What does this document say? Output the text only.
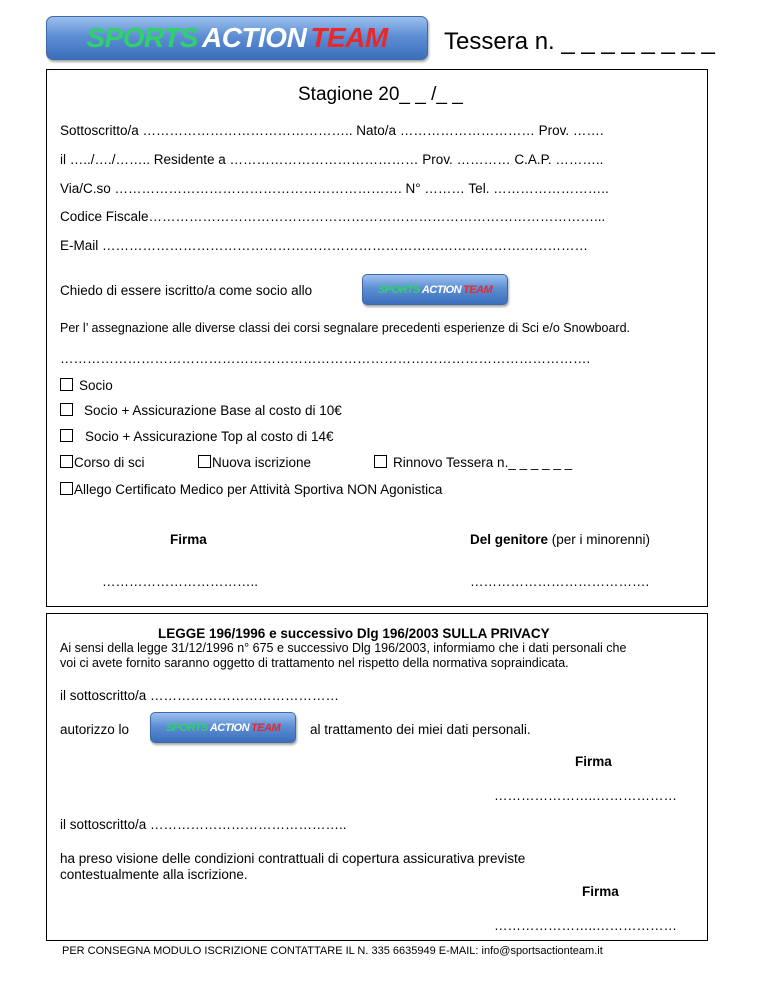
SPORTS ACTION TEAM Tessera n. _ _ _ _ _ _ _ _
Stagione 20_ _ /_ _
Sottoscritto/a ……………………………………….. Nato/a ………………………… Prov. …….
il …../…./…….. Residente a …………………………………… Prov. ………… C.A.P. ………..
Via/C.so ………………………………………………………. N° ……… Tel. ……………………..
Codice Fiscale………………………………………………………………………………………...
E-Mail ………………………………………………………………………………………………
Chiedo di essere iscritto/a come socio allo	SPORTS ACTION TEAM
Per l’ assegnazione alle diverse classi dei corsi segnalare precedenti esperienze di Sci e/o Snowboard.
……………………………………………………………………………………………………….
Socio
Socio + Assicurazione Base al costo di 10€
Socio + Assicurazione Top al costo di 14€
Corso di sci	Nuova iscrizione	Rinnovo Tessera n._ _ _ _ _ _
Allego Certificato Medico per Attività Sportiva NON Agonistica
Firma	Del genitore (per i minorenni)
……………………………..	………………………………….
LEGGE 196/1996 e successivo Dlg 196/2003 SULLA PRIVACY
Ai sensi della legge 31/12/1996 n° 675 e successivo Dlg 196/2003, informiamo che i dati personali che
voi ci avete fornito saranno oggetto di trattamento nel rispetto della normativa sopraindicata.
il sottoscritto/a ……………………………………
autorizzo lo	SPORTS ACTION TEAM al trattamento dei miei dati personali.
Firma
…………………..………………
il sottoscritto/a ……………………………………..
ha preso visione delle condizioni contrattuali di copertura assicurativa previste
contestualmente alla iscrizione.
Firma
…………………..………………
PER CONSEGNA MODULO ISCRIZIONE CONTATTARE IL N. 335 6635949 E-MAIL: info@sportsactionteam.it
